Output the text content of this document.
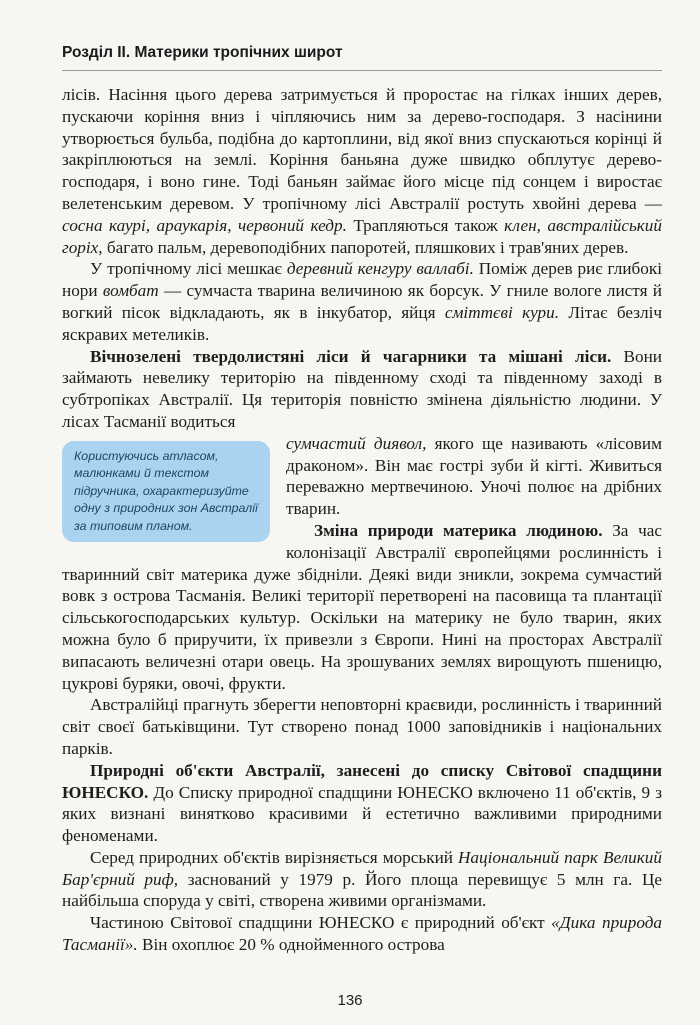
Розділ ІІ. Материки тропічних широт

лісів. Насіння цього дерева затримується й проростає на гілках інших дерев, пускаючи коріння вниз і чіпляючись ним за дерево-господаря. З насінини утворюється бульба, подібна до картоплини, від якої вниз спускаються корінці й закріплюються на землі. Коріння баньяна дуже швидко обплутує дерево-господаря, і воно гине. Тоді баньян займає його місце під сонцем і виростає велетенським деревом. У тропічному лісі Австралії ростуть хвойні дерева — сосна каурі, араукарія, червоний кедр. Трапляються також клен, австралійський горіх, багато пальм, деревоподібних папоротей, пляшкових і трав'яних дерев.

У тропічному лісі мешкає деревний кенгуру валлабі. Поміж дерев риє глибокі нори вомбат — сумчаста тварина величиною як борсук. У гниле вологе листя й вогкий пісок відкладають, як в інкубатор, яйця сміттєві кури. Літає безліч яскравих метеликів.

Вічнозелені твердолистяні ліси й чагарники та мішані ліси. Вони займають невелику територію на південному сході та південному заході в субтропіках Австралії. Ця територія повністю змінена діяльністю людини. У лісах Тасманії водиться

Користуючись атласом, малюнками й текстом підручника, охарактеризуйте одну з природних зон Австралії за типовим планом.

сумчастий диявол, якого ще називають «лісовим драконом». Він має гострі зуби й кігті. Живиться переважно мертвечиною. Уночі полює на дрібних тварин.

Зміна природи материка людиною. За час колонізації Австралії європейцями рослинність і тваринний світ материка дуже збідніли. Деякі види зникли, зокрема сумчастий вовк з острова Тасманія. Великі території перетворені на пасовища та плантації сільськогосподарських культур. Оскільки на материку не було тварин, яких можна було б приручити, їх привезли з Європи. Нині на просторах Австралії випасають величезні отари овець. На зрошуваних землях вирощують пшеницю, цукрові буряки, овочі, фрукти.

Австралійці прагнуть зберегти неповторні краєвиди, рослинність і тваринний світ своєї батьківщини. Тут створено понад 1000 заповідників і національних парків.

Природні об'єкти Австралії, занесені до списку Світової спадщини ЮНЕСКО. До Списку природної спадщини ЮНЕСКО включено 11 об'єктів, 9 з яких визнані винятково красивими й естетично важливими природними феноменами.

Серед природних об'єктів вирізняється морський Національний парк Великий Бар'єрний риф, заснований у 1979 р. Його площа перевищує 5 млн га. Це найбільша споруда у світі, створена живими організмами.

Частиною Світової спадщини ЮНЕСКО є природний об'єкт «Дика природа Тасманії». Він охоплює 20 % однойменного острова

136
